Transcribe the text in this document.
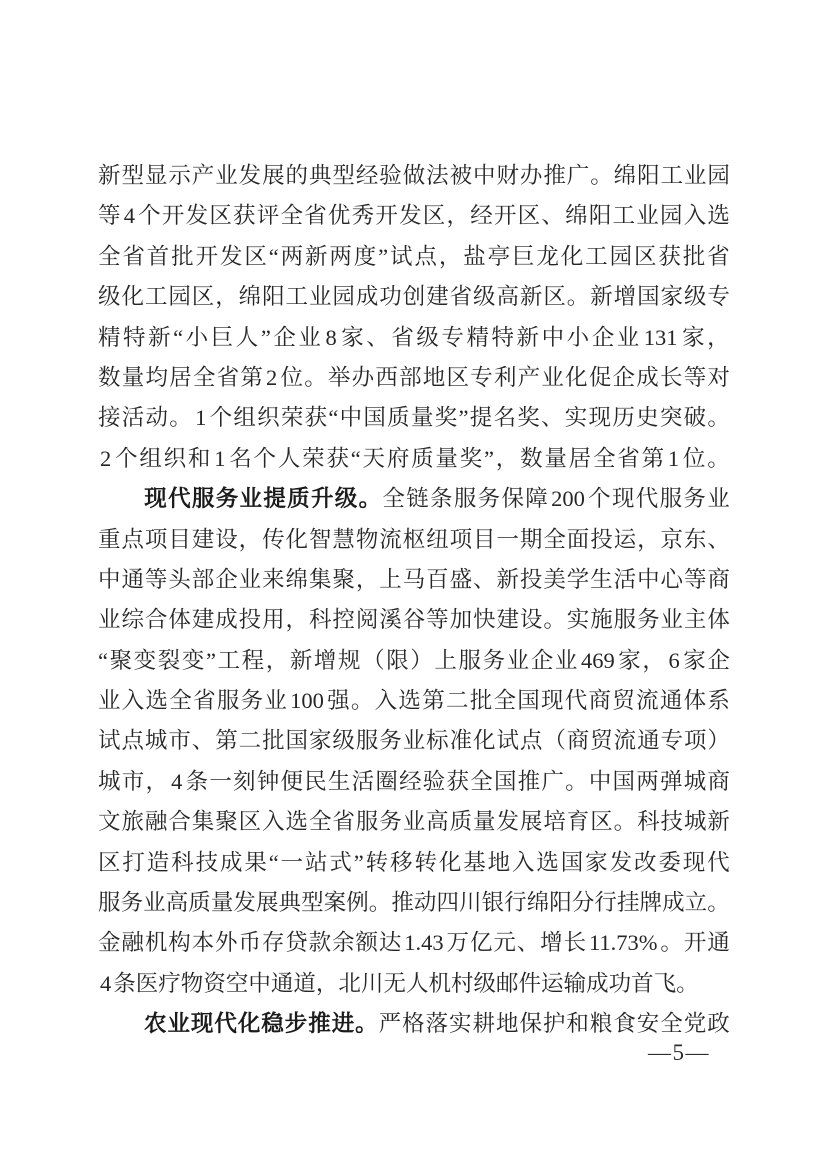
新 型 显 示 产 业 发 展 的 典 型 经 验 做 法 被 中 财 办 推 广 。 绵 阳 工 业 园
等 4 个 开 发 区 获 评 全 省 优 秀 开 发 区 ， 经 开 区 、 绵 阳 工 业 园 入 选
全 省 首 批 开 发 区 “ 两 新 两 度 ” 试 点 ， 盐 亭 巨 龙 化 工 园 区 获 批 省
级 化 工 园 区 ， 绵 阳 工 业 园 成 功 创 建 省 级 高 新 区 。 新 增 国 家 级 专
精 特 新 “ 小 巨 人 ” 企 业 8 家 、 省 级 专 精 特 新 中 小 企 业 131 家 ，
数 量 均 居 全 省 第 2 位 。 举 办 西 部 地 区 专 利 产 业 化 促 企 成 长 等 对
接 活 动 。 1 个 组 织 荣 获 “ 中 国 质 量 奖 ” 提 名 奖 、 实 现 历 史 突 破 。
2 个 组 织 和 1 名 个 人 荣 获 “ 天 府 质 量 奖 ” ， 数 量 居 全 省 第 1 位 。
现 代 服 务 业 提 质 升 级 。 全 链 条 服 务 保 障 200 个 现 代 服 务 业
重 点 项 目 建 设 ， 传 化 智 慧 物 流 枢 纽 项 目 一 期 全 面 投 运 ， 京 东 、
中 通 等 头 部 企 业 来 绵 集 聚 ， 上 马 百 盛 、 新 投 美 学 生 活 中 心 等 商
业 综 合 体 建 成 投 用 ， 科 控 阅 溪 谷 等 加 快 建 设 。 实 施 服 务 业 主 体
“ 聚 变 裂 变 ” 工 程 ， 新 增 规 （ 限 ） 上 服 务 业 企 业 469 家 ， 6 家 企
业 入 选 全 省 服 务 业 100 强 。 入 选 第 二 批 全 国 现 代 商 贸 流 通 体 系
试 点 城 市 、 第 二 批 国 家 级 服 务 业 标 准 化 试 点 （ 商 贸 流 通 专 项 ）
城 市 ， 4 条 一 刻 钟 便 民 生 活 圈 经 验 获 全 国 推 广 。 中 国 两 弹 城 商
文 旅 融 合 集 聚 区 入 选 全 省 服 务 业 高 质 量 发 展 培 育 区 。 科 技 城 新
区 打 造 科 技 成 果 “ 一 站 式 ” 转 移 转 化 基 地 入 选 国 家 发 改 委 现 代
服 务 业 高 质 量 发 展 典 型 案 例 。 推 动 四 川 银 行 绵 阳 分 行 挂 牌 成 立 。
金 融 机 构 本 外 币 存 贷 款 余 额 达 1.43 万 亿 元 、 增 长 11.73% 。 开 通
4条医疗物资空中通道，北川无人机村级邮件运输成功首飞。
农 业 现 代 化 稳 步 推 进 。 严 格 落 实 耕 地 保 护 和 粮 食 安 全 党 政
—5—
